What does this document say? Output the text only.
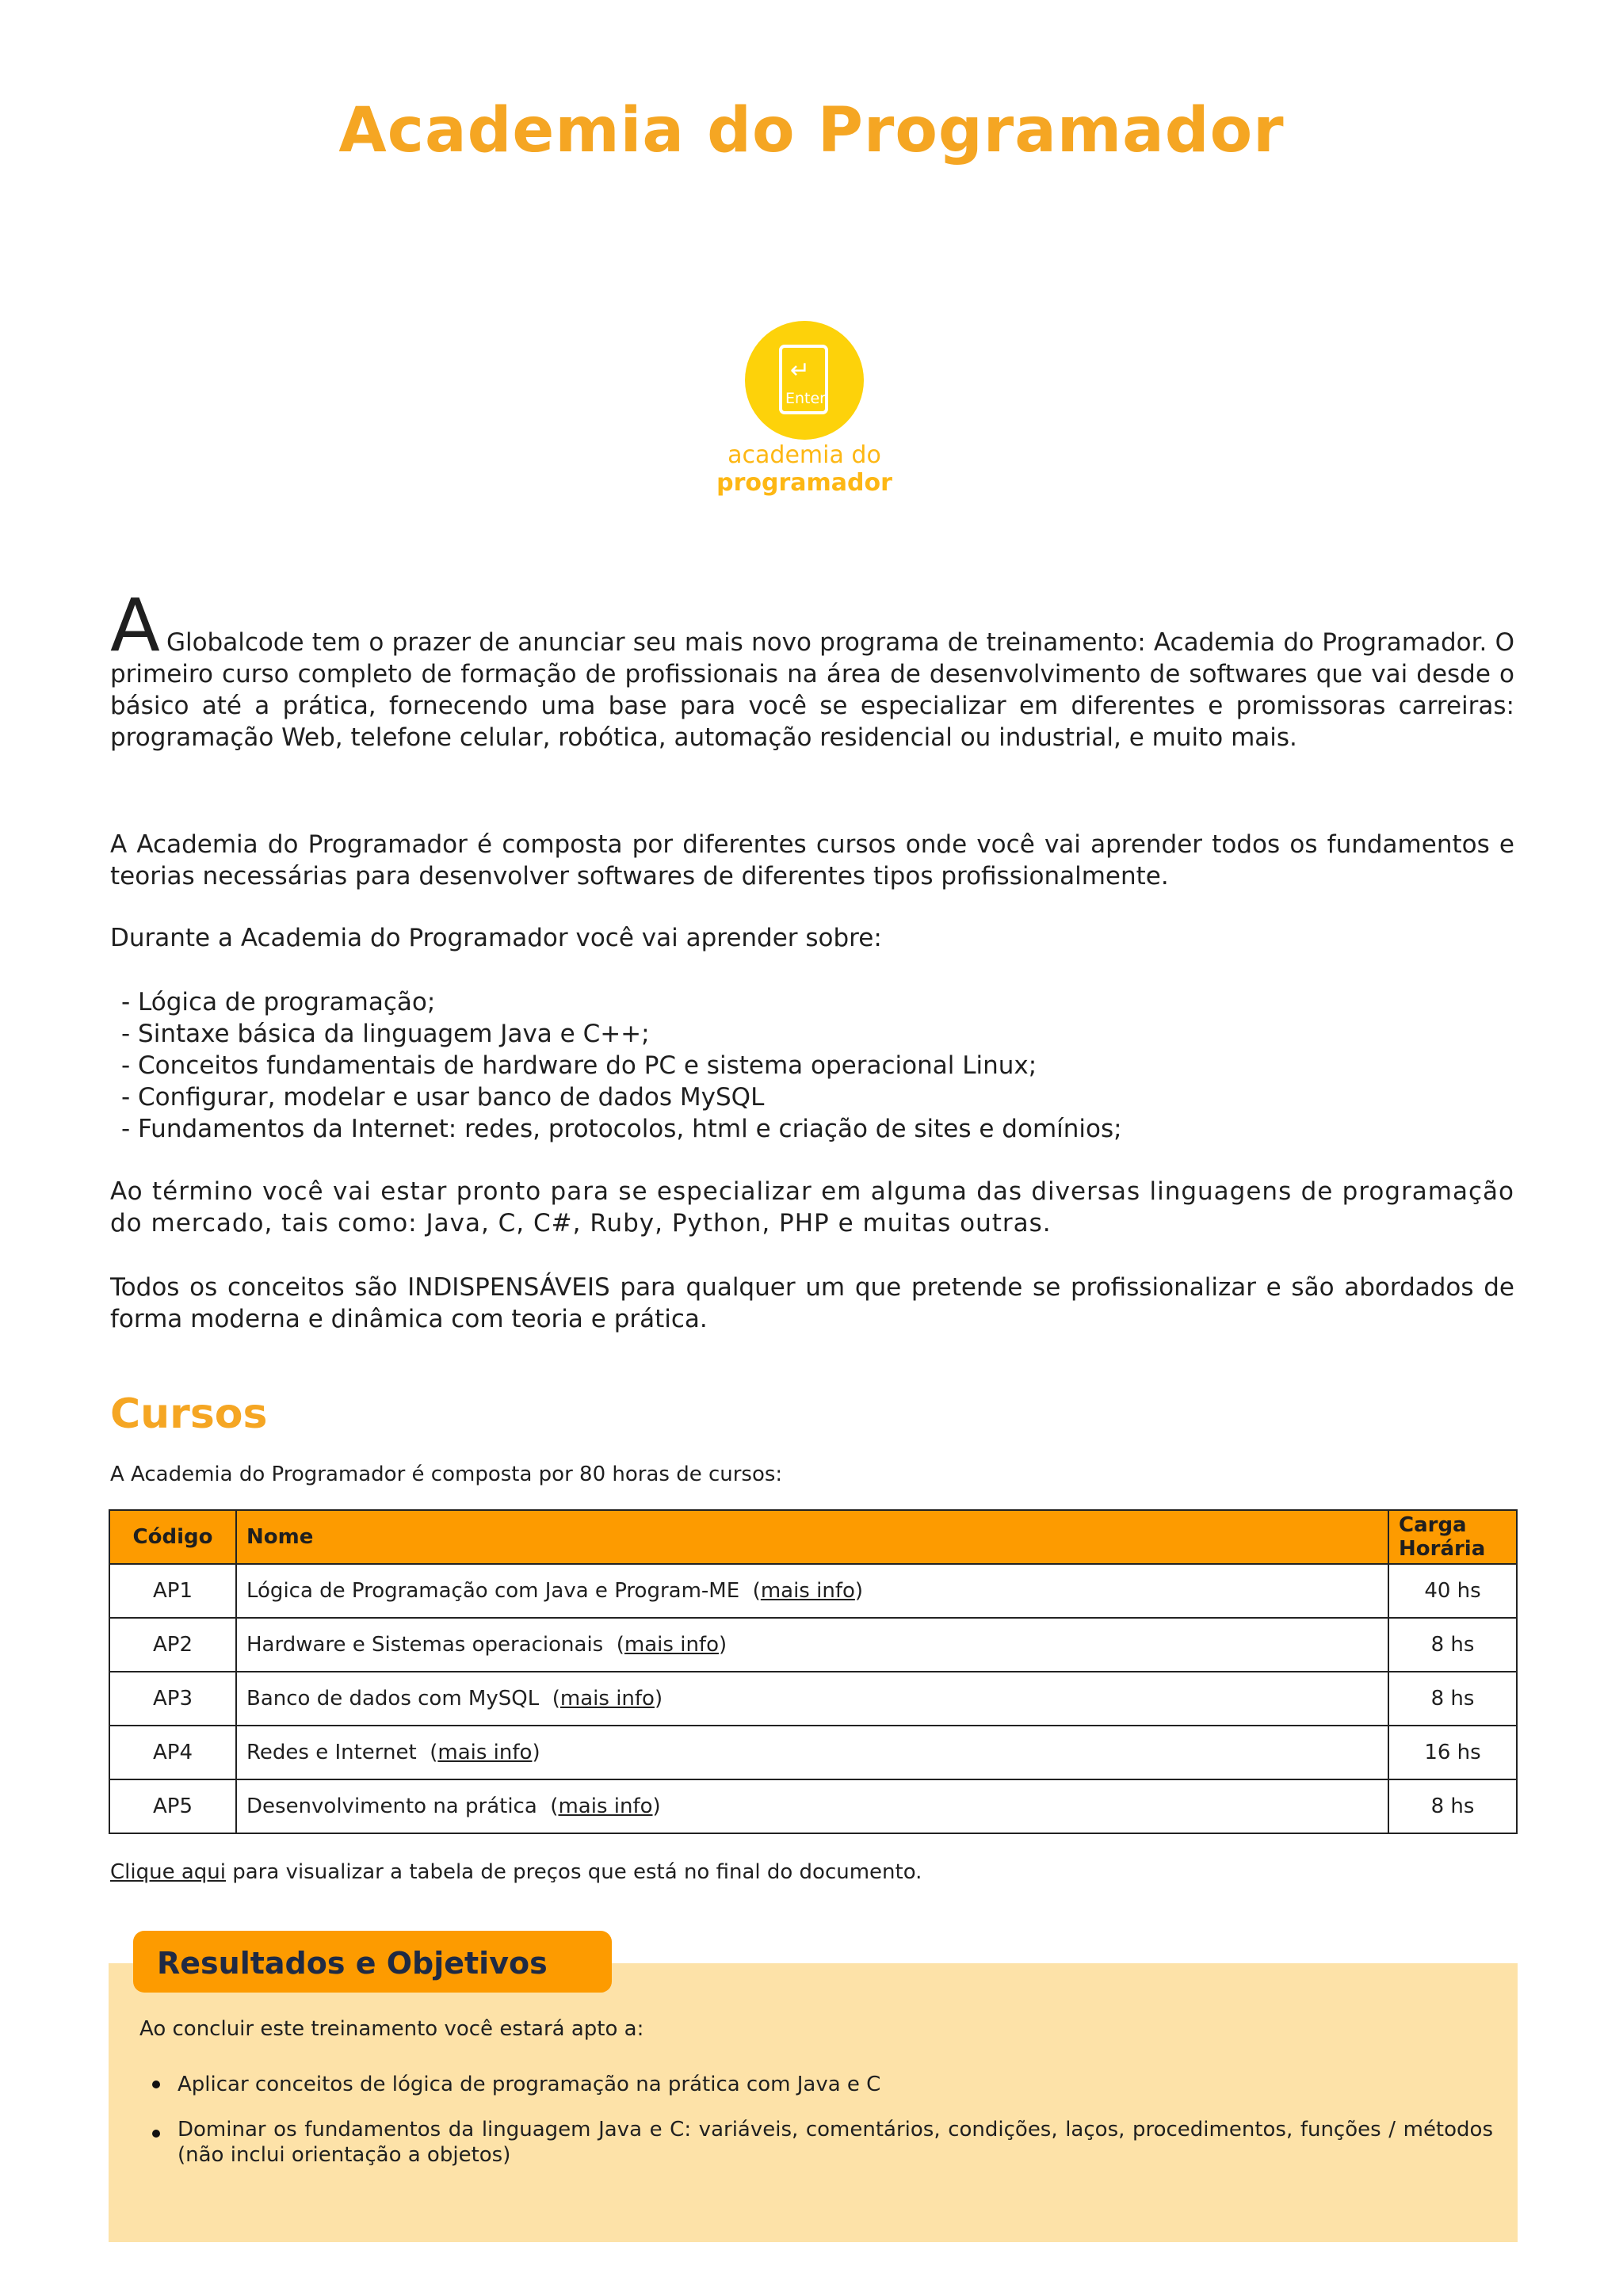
Academia do Programador
↵
Enter
academia do
programador
A Globalcode tem o prazer de anunciar seu mais novo programa de treinamento: Academia do Programador. O primeiro curso completo de formação de profissionais na área de desenvolvimento de softwares que vai desde o básico até a prática, fornecendo uma base para você se especializar em diferentes e promissoras carreiras: programação Web, telefone celular, robótica, automação residencial ou industrial, e muito mais.
A Academia do Programador é composta por diferentes cursos onde você vai aprender todos os fundamentos e teorias necessárias para desenvolver softwares de diferentes tipos profissionalmente.
Durante a Academia do Programador você vai aprender sobre:
- Lógica de programação;
- Sintaxe básica da linguagem Java e C++;
- Conceitos fundamentais de hardware do PC e sistema operacional Linux;
- Configurar, modelar e usar banco de dados MySQL
- Fundamentos da Internet: redes, protocolos, html e criação de sites e domínios;
Ao término você vai estar pronto para se especializar em alguma das diversas linguagens de programação do mercado, tais como: Java, C, C#, Ruby, Python, PHP e muitas outras.
Todos os conceitos são INDISPENSÁVEIS para qualquer um que pretende se profissionalizar e são abordados de forma moderna e dinâmica com teoria e prática.
Cursos
A Academia do Programador é composta por 80 horas de cursos:
Código	Nome	Carga
Horária
AP1	Lógica de Programação com Java e Program-ME  (mais info)	40 hs
AP2	Hardware e Sistemas operacionais  (mais info)	8 hs
AP3	Banco de dados com MySQL  (mais info)	8 hs
AP4	Redes e Internet  (mais info)	16 hs
AP5	Desenvolvimento na prática  (mais info)	8 hs
Clique aqui para visualizar a tabela de preços que está no final do documento.
Resultados e Objetivos
Ao concluir este treinamento você estará apto a:
Aplicar conceitos de lógica de programação na prática com Java e C
Dominar os fundamentos da linguagem Java e C: variáveis, comentários, condições, laços, procedimentos, funções / métodos (não inclui orientação a objetos)
